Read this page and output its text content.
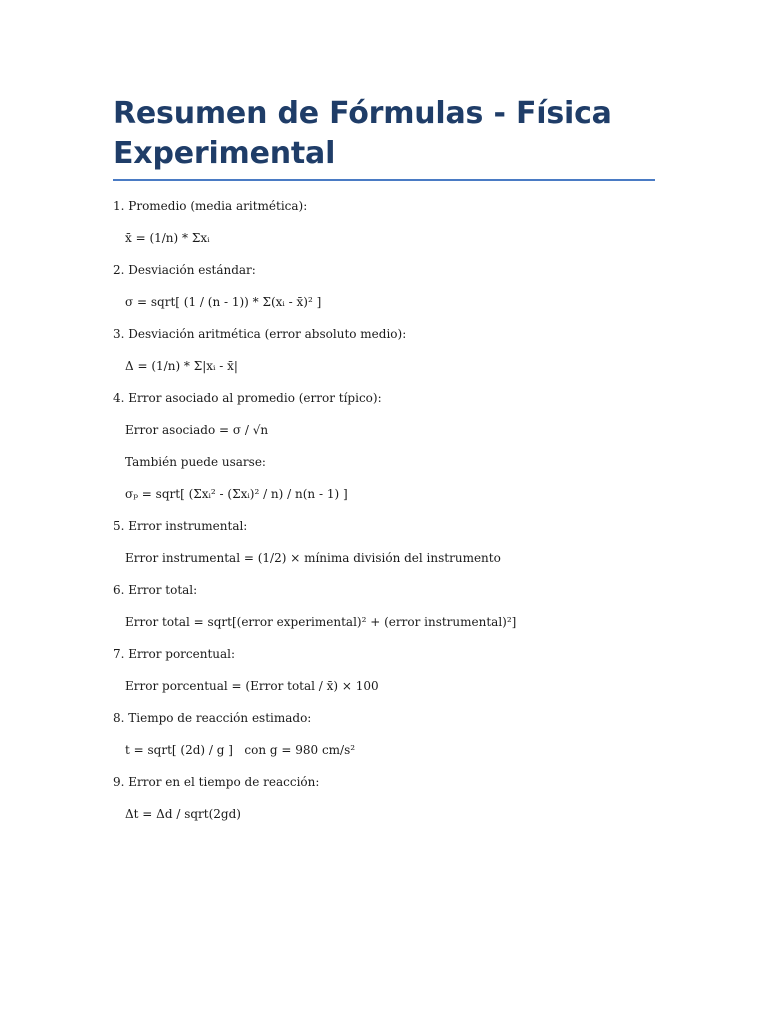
Resumen de Fórmulas - Física
Experimental
1. Promedio (media aritmética):
x̄ = (1/n) * Σxᵢ
2. Desviación estándar:
σ = sqrt[ (1 / (n - 1)) * Σ(xᵢ - x̄)² ]
3. Desviación aritmética (error absoluto medio):
Δ = (1/n) * Σ|xᵢ - x̄|
4. Error asociado al promedio (error típico):
Error asociado = σ / √n
También puede usarse:
σₚ = sqrt[ (Σxᵢ² - (Σxᵢ)² / n) / n(n - 1) ]
5. Error instrumental:
Error instrumental = (1/2) × mínima división del instrumento
6. Error total:
Error total = sqrt[(error experimental)² + (error instrumental)²]
7. Error porcentual:
Error porcentual = (Error total / x̄) × 100
8. Tiempo de reacción estimado:
t = sqrt[ (2d) / g ]   con g = 980 cm/s²
9. Error en el tiempo de reacción:
Δt = Δd / sqrt(2gd)
